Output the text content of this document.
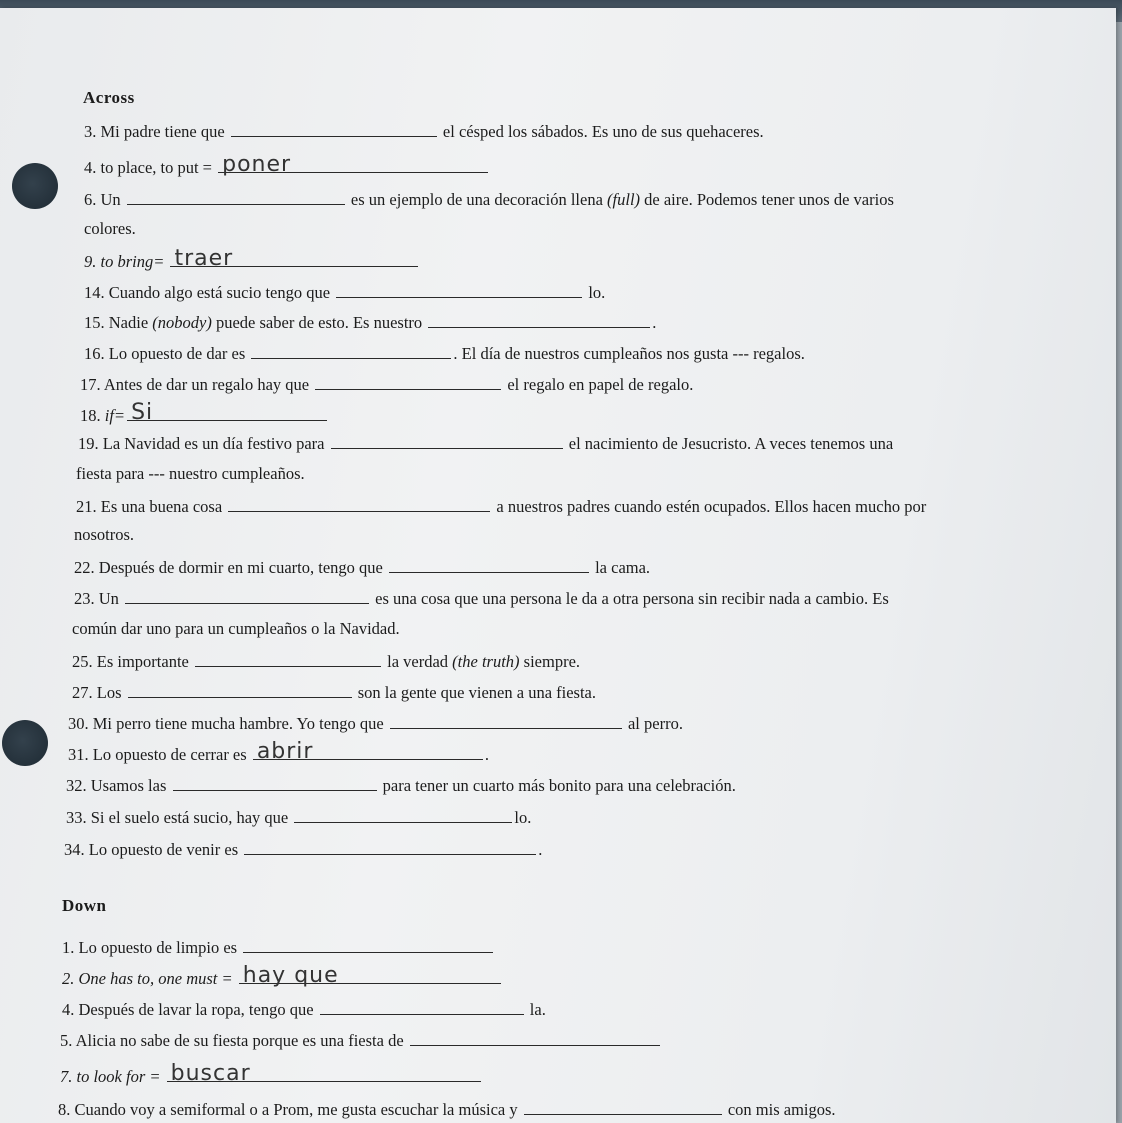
Across
3. Mi padre tiene que	el césped los sábados. Es uno de sus quehaceres.
4. to place, to put = poner
6. Un	es un ejemplo de una decoración llena (full) de aire. Podemos tener unos de varios
colores.
9. to bring= traer
14. Cuando algo está sucio tengo que	lo.
15. Nadie (nobody) puede saber de esto. Es nuestro	.
16. Lo opuesto de dar es	. El día de nuestros cumpleaños nos gusta --- regalos.
17. Antes de dar un regalo hay que	el regalo en papel de regalo.
18. if= Si
19. La Navidad es un día festivo para	el nacimiento de Jesucristo. A veces tenemos una
fiesta para --- nuestro cumpleaños.
21. Es una buena cosa	a nuestros padres cuando estén ocupados. Ellos hacen mucho por
nosotros.
22. Después de dormir en mi cuarto, tengo que	la cama.
23. Un	es una cosa que una persona le da a otra persona sin recibir nada a cambio. Es
común dar uno para un cumpleaños o la Navidad.
25. Es importante	la verdad (the truth) siempre.
27. Los	son la gente que vienen a una fiesta.
30. Mi perro tiene mucha hambre. Yo tengo que	al perro.
31. Lo opuesto de cerrar es abrir	.
32. Usamos las	para tener un cuarto más bonito para una celebración.
33. Si el suelo está sucio, hay que	lo.
34. Lo opuesto de venir es	.
Down
1. Lo opuesto de limpio es
2. One has to, one must = hay que
4. Después de lavar la ropa, tengo que	la.
5. Alicia no sabe de su fiesta porque es una fiesta de
7. to look for = buscar
8. Cuando voy a semiformal o a Prom, me gusta escuchar la música y	con mis amigos.
